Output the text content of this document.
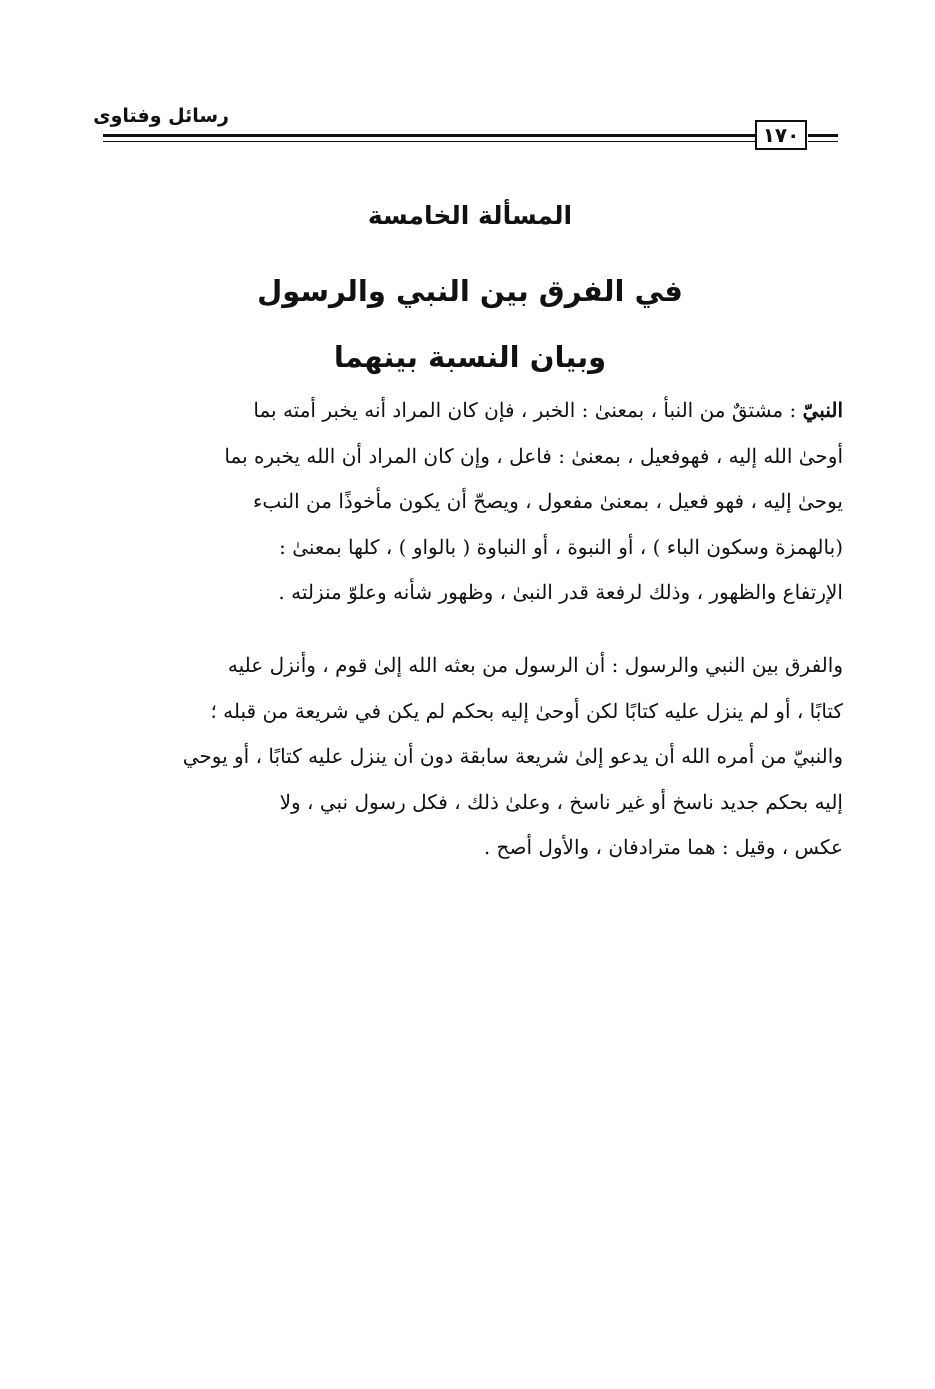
رسائل وفتاوى
١٧٠
المسألة الخامسة
في الفرق بين النبي والرسول
وبيان النسبة بينهما
النبيّ : مشتقٌ من النبأ ، بمعنىٰ : الخبر ، فإن كان المراد أنه يخبر أمته بما
أوحىٰ الله إليه ، فهوفعيل ، بمعنىٰ : فاعل ، وإن كان المراد أن الله يخبره بما
يوحىٰ إليه ، فهو فعيل ، بمعنىٰ مفعول ، ويصحّ أن يكون مأخوذًا من النبء
(بالهمزة وسكون الباء ) ، أو النبوة ، أو النباوة ( بالواو ) ، كلها بمعنىٰ :
الإرتفاع والظهور ، وذلك لرفعة قدر النبىٰ ، وظهور شأنه وعلوّ منزلته .
والفرق بين النبي والرسول : أن الرسول من بعثه الله إلىٰ قوم ، وأنزل عليه
كتابًا ، أو لم ينزل عليه كتابًا لكن أوحىٰ إليه بحكم لم يكن في شريعة من قبله ؛
والنبيّ من أمره الله أن يدعو إلىٰ شريعة سابقة دون أن ينزل عليه كتابًا ، أو يوحي
إليه بحكم جديد ناسخ أو غير ناسخ ، وعلىٰ ذلك ، فكل رسول نبي ، ولا
عكس ، وقيل : هما مترادفان ، والأول أصح .
